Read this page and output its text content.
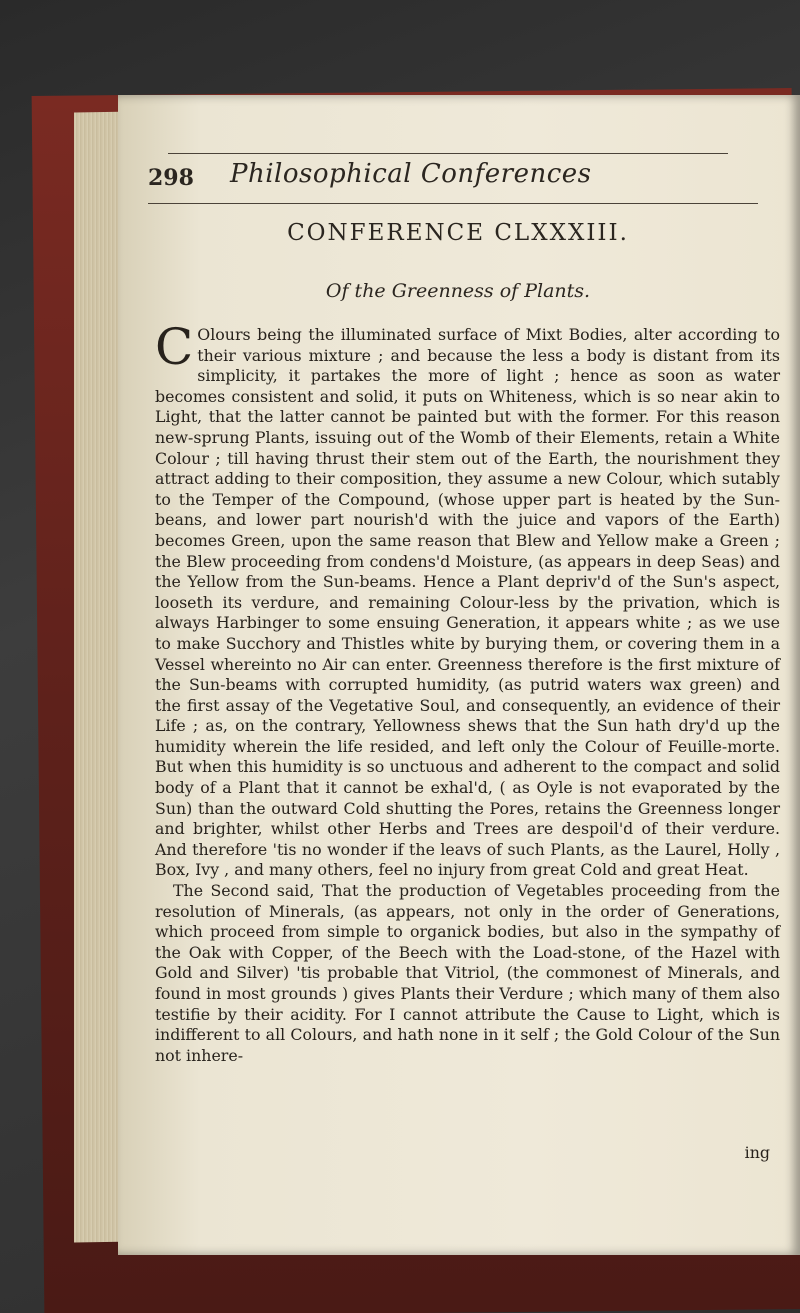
298 Philosophical Conferences
CONFERENCE CLXXXIII.
Of the Greenness of Plants.

C Olours being the illuminated surface of Mixt Bodies, alter according to their various mixture ; and because the less a body is distant from its simplicity, it partakes the more of light ; hence as soon as water becomes consistent and solid, it puts on Whiteness, which is so near akin to Light, that the latter cannot be painted but with the former. For this reason new-sprung Plants, issuing out of the Womb of their Elements, retain a White Colour ; till having thrust their stem out of the Earth, the nourishment they attract adding to their composition, they assume a new Colour, which sutably to the Temper of the Compound, (whose upper part is heated by the Sun-beans, and lower part nourish'd with the juice and vapors of the Earth) becomes Green, upon the same reason that Blew and Yellow make a Green ; the Blew proceeding from condens'd Moisture, (as appears in deep Seas) and the Yellow from the Sun-beams. Hence a Plant depriv'd of the Sun's aspect, looseth its verdure, and remaining Colour-less by the privation, which is always Harbinger to some ensuing Generation, it appears white ; as we use to make Succhory and Thistles white by burying them, or covering them in a Vessel whereinto no Air can enter. Greenness therefore is the first mixture of the Sun-beams with corrupted humidity, (as putrid waters wax green) and the first assay of the Vegetative Soul, and consequently, an evidence of their Life ; as, on the contrary, Yellowness shews that the Sun hath dry'd up the humidity wherein the life resided, and left only the Colour of Feuille-morte. But when this humidity is so unctuous and adherent to the compact and solid body of a Plant that it cannot be exhal'd, ( as Oyle is not evaporated by the Sun) than the outward Cold shutting the Pores, retains the Greenness longer and brighter, whilst other Herbs and Trees are despoil'd of their verdure. And therefore 'tis no wonder if the leavs of such Plants, as the Laurel, Holly , Box, Ivy , and many others, feel no injury from great Cold and great Heat.

The Second said, That the production of Vegetables proceeding from the resolution of Minerals, (as appears, not only in the order of Generations, which proceed from simple to organick bodies, but also in the sympathy of the Oak with Copper, of the Beech with the Load-stone, of the Hazel with Gold and Silver) 'tis probable that Vitriol, (the commonest of Minerals, and found in most grounds ) gives Plants their Verdure ; which many of them also testifie by their acidity. For I cannot attribute the Cause to Light, which is indifferent to all Colours, and hath none in it self ; the Gold Colour of the Sun not inhere-

ing
